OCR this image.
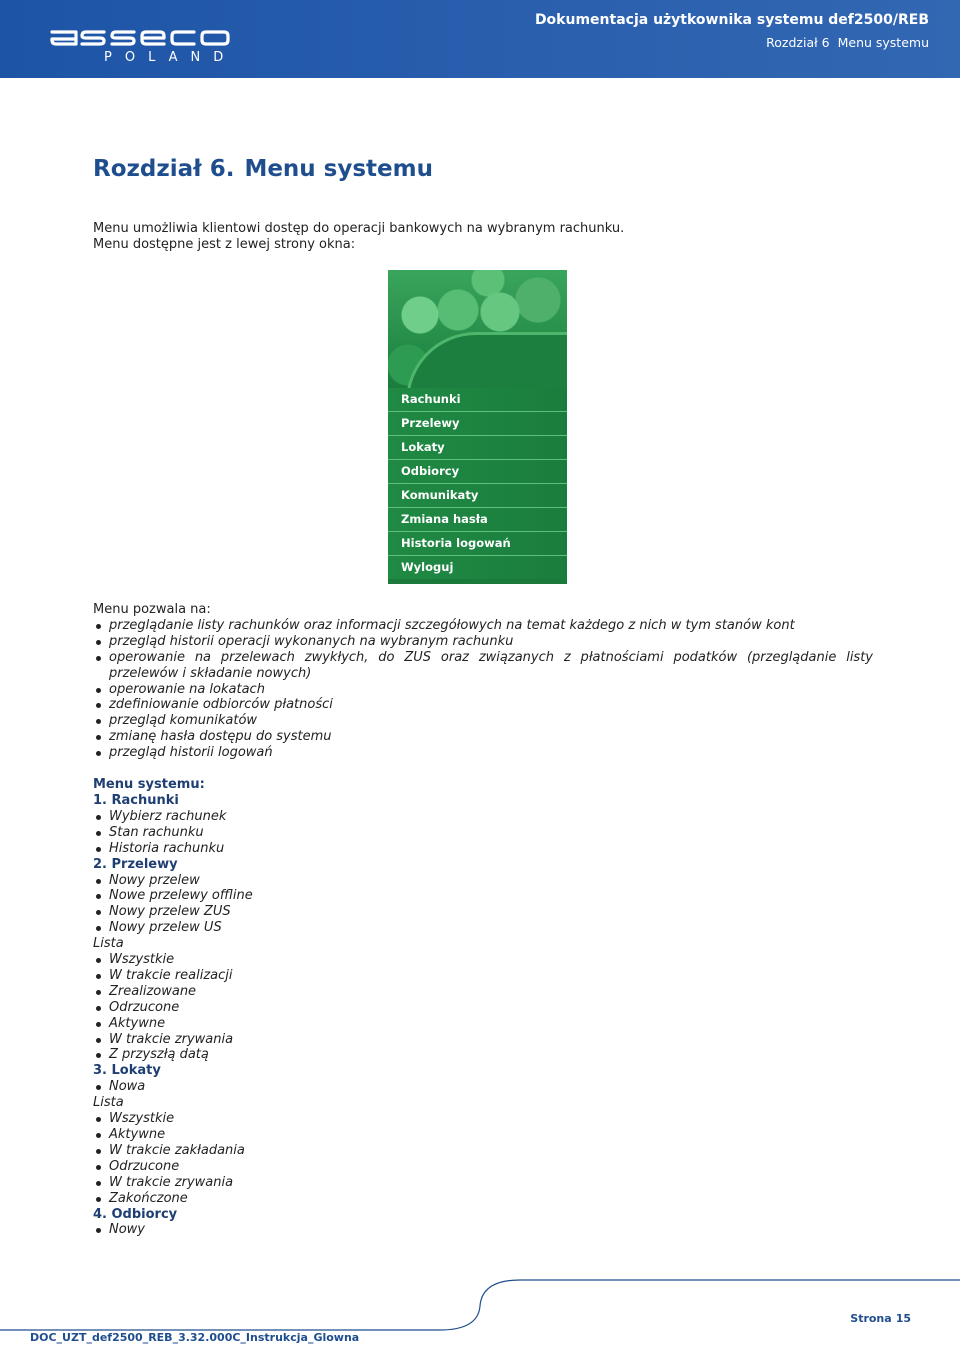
POLAND
Dokumentacja użytkownika systemu def2500/REB
Rozdział 6 Menu systemu
Rozdział 6. Menu systemu

Menu umożliwia klientowi dostęp do operacji bankowych na wybranym rachunku.

Menu dostępne jest z lewej strony okna:

Rachunki
Przelewy
Lokaty
Odbiorcy
Komunikaty
Zmiana hasła
Historia logowań
Wyloguj

Menu pozwala na:

przeglądanie listy rachunków oraz informacji szczegółowych na temat każdego z nich w tym stanów kont
przegląd historii operacji wykonanych na wybranym rachunku
operowanie na przelewach zwykłych, do ZUS oraz związanych z płatnościami podatków (przeglądanie listy przelewów i składanie nowych)
operowanie na lokatach
zdefiniowanie odbiorców płatności
przegląd komunikatów
zmianę hasła dostępu do systemu
przegląd historii logowań

Menu systemu:

1. Rachunki

Wybierz rachunek
Stan rachunku
Historia rachunku

2. Przelewy

Nowy przelew
Nowe przelewy offline
Nowy przelew ZUS
Nowy przelew US

Lista

Wszystkie
W trakcie realizacji
Zrealizowane
Odrzucone
Aktywne
W trakcie zrywania
Z przyszłą datą

3. Lokaty

Nowa

Lista

Wszystkie
Aktywne
W trakcie zakładania
Odrzucone
W trakcie zrywania
Zakończone

4. Odbiorcy

Nowy
DOC_UZT_def2500_REB_3.32.000C_Instrukcja_Glowna
Strona 15
